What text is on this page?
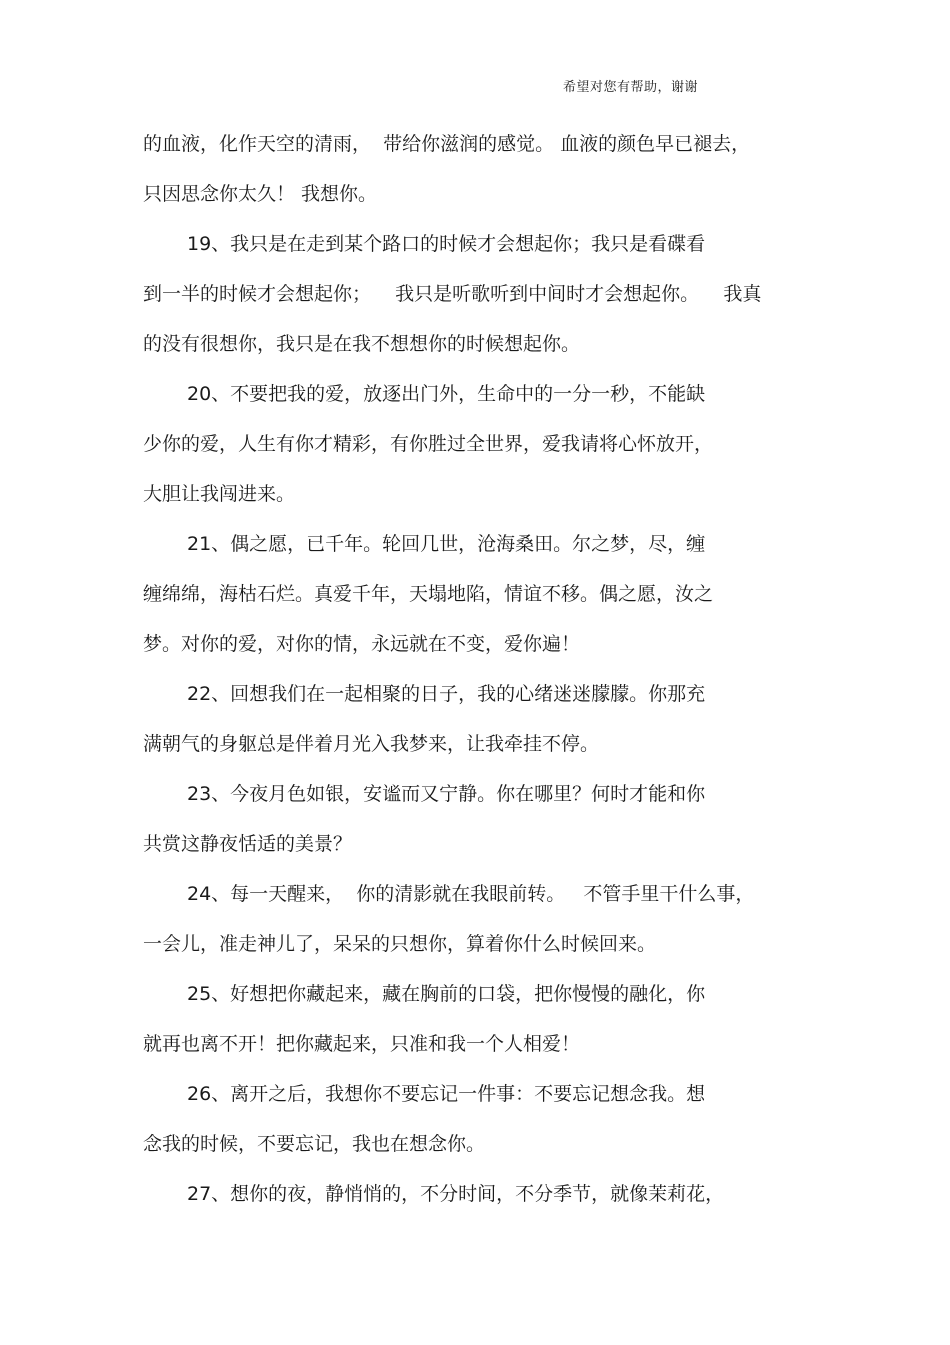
希望对您有帮助，谢谢
的血液，化作天空的清雨，  带给你滋润的感觉。 血液的颜色早已褪去，
只因思念你太久！ 我想你。
19、我只是在走到某个路口的时候才会想起你；我只是看碟看
到一半的时候才会想起你；    我只是听歌听到中间时才会想起你。    我真
的没有很想你，我只是在我不想想你的时候想起你。
20、不要把我的爱，放逐出门外，生命中的一分一秒，不能缺
少你的爱，人生有你才精彩，有你胜过全世界，爱我请将心怀放开，
大胆让我闯进来。
21、偶之愿，已千年。轮回几世，沧海桑田。尔之梦，尽，缠
缠绵绵，海枯石烂。真爱千年，天塌地陷，情谊不移。偶之愿，汝之
梦。对你的爱，对你的情，永远就在不变，爱你遍！
22、回想我们在一起相聚的日子，我的心绪迷迷朦朦。你那充
满朝气的身躯总是伴着月光入我梦来，让我牵挂不停。
23、今夜月色如银，安谧而又宁静。你在哪里？何时才能和你
共赏这静夜恬适的美景？
24、每一天醒来，  你的清影就在我眼前转。   不管手里干什么事，
一会儿，准走神儿了，呆呆的只想你，算着你什么时候回来。
25、好想把你藏起来，藏在胸前的口袋，把你慢慢的融化，你
就再也离不开！把你藏起来，只准和我一个人相爱！
26、离开之后，我想你不要忘记一件事：不要忘记想念我。想
念我的时候，不要忘记，我也在想念你。
27、想你的夜，静悄悄的，不分时间，不分季节，就像茉莉花，
